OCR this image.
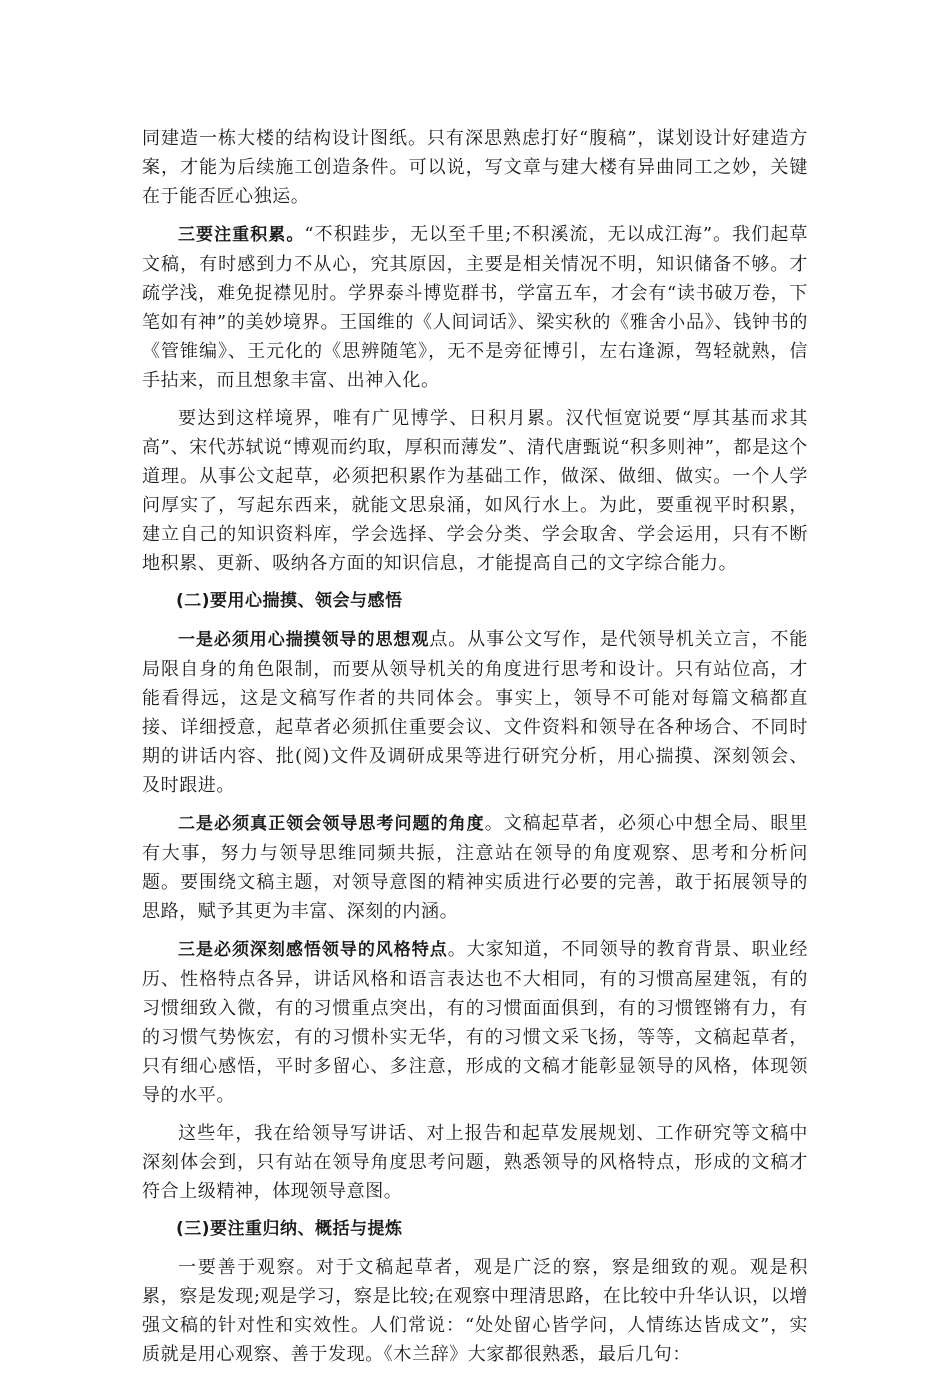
同建造一栋大楼的结构设计图纸。只有深思熟虑打好“腹稿”，谋划设计好建造方案，才能为后续施工创造条件。可以说，写文章与建大楼有异曲同工之妙，关键在于能否匠心独运。

三要注重积累。“不积跬步，无以至千里;不积溪流，无以成江海”。我们起草文稿，有时感到力不从心，究其原因，主要是相关情况不明，知识储备不够。才疏学浅，难免捉襟见肘。学界泰斗博览群书，学富五车，才会有“读书破万卷，下笔如有神”的美妙境界。王国维的《人间词话》、梁实秋的《雅舍小品》、钱钟书的《管锥编》、王元化的《思辨随笔》，无不是旁征博引，左右逢源，驾轻就熟，信手拈来，而且想象丰富、出神入化。

要达到这样境界，唯有广见博学、日积月累。汉代恒宽说要“厚其基而求其高”、宋代苏轼说“博观而约取，厚积而薄发”、清代唐甄说“积多则神”，都是这个道理。从事公文起草，必须把积累作为基础工作，做深、做细、做实。一个人学问厚实了，写起东西来，就能文思泉涌，如风行水上。为此，要重视平时积累，建立自己的知识资料库，学会选择、学会分类、学会取舍、学会运用，只有不断地积累、更新、吸纳各方面的知识信息，才能提高自己的文字综合能力。

(二)要用心揣摸、领会与感悟

一是必须用心揣摸领导的思想观点。从事公文写作，是代领导机关立言，不能局限自身的角色限制，而要从领导机关的角度进行思考和设计。只有站位高，才能看得远，这是文稿写作者的共同体会。事实上，领导不可能对每篇文稿都直接、详细授意，起草者必须抓住重要会议、文件资料和领导在各种场合、不同时期的讲话内容、批(阅)文件及调研成果等进行研究分析，用心揣摸、深刻领会、及时跟进。

二是必须真正领会领导思考问题的角度。文稿起草者，必须心中想全局、眼里有大事，努力与领导思维同频共振，注意站在领导的角度观察、思考和分析问题。要围绕文稿主题，对领导意图的精神实质进行必要的完善，敢于拓展领导的思路，赋予其更为丰富、深刻的内涵。

三是必须深刻感悟领导的风格特点。大家知道，不同领导的教育背景、职业经历、性格特点各异，讲话风格和语言表达也不大相同，有的习惯高屋建瓴，有的习惯细致入微，有的习惯重点突出，有的习惯面面俱到，有的习惯铿锵有力，有的习惯气势恢宏，有的习惯朴实无华，有的习惯文采飞扬，等等，文稿起草者，只有细心感悟，平时多留心、多注意，形成的文稿才能彰显领导的风格，体现领导的水平。

这些年，我在给领导写讲话、对上报告和起草发展规划、工作研究等文稿中深刻体会到，只有站在领导角度思考问题，熟悉领导的风格特点，形成的文稿才符合上级精神，体现领导意图。

(三)要注重归纳、概括与提炼

一要善于观察。对于文稿起草者，观是广泛的察，察是细致的观。观是积累，察是发现;观是学习，察是比较;在观察中理清思路，在比较中升华认识，以增强文稿的针对性和实效性。人们常说：“处处留心皆学问，人情练达皆成文”，实质就是用心观察、善于发现。《木兰辞》大家都很熟悉，最后几句：
